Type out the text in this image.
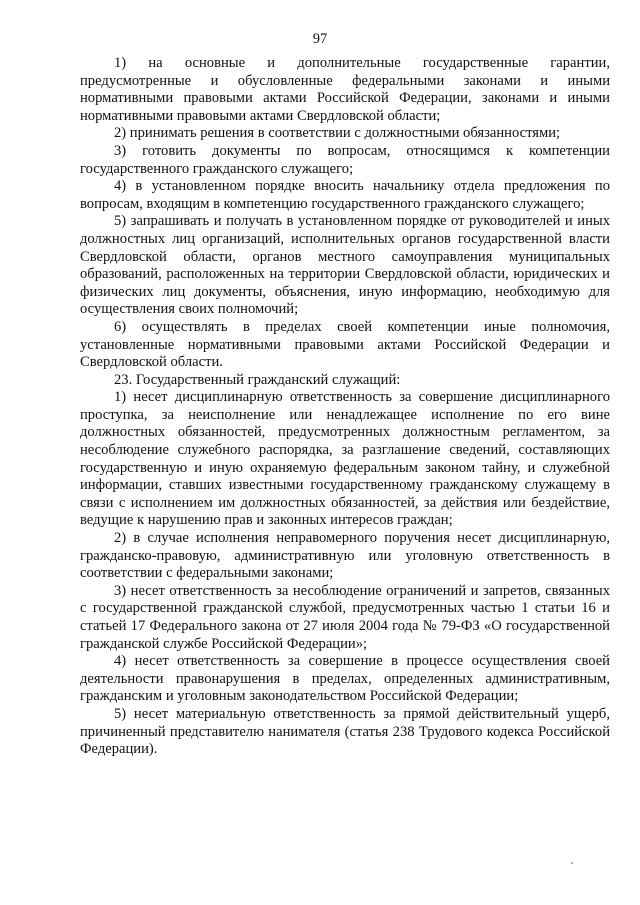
97

1) на основные и дополнительные государственные гарантии, предусмотренные и обусловленные федеральными законами и иными нормативными правовыми актами Российской Федерации, законами и иными нормативными правовыми актами Свердловской области;

2) принимать решения в соответствии с должностными обязанностями;

3) готовить документы по вопросам, относящимся к компетенции государственного гражданского служащего;

4) в установленном порядке вносить начальнику отдела предложения по вопросам, входящим в компетенцию государственного гражданского служащего;

5) запрашивать и получать в установленном порядке от руководителей и иных должностных лиц организаций, исполнительных органов государственной власти Свердловской области, органов местного самоуправления муниципальных образований, расположенных на территории Свердловской области, юридических и физических лиц документы, объяснения, иную информацию, необходимую для осуществления своих полномочий;

6) осуществлять в пределах своей компетенции иные полномочия, установленные нормативными правовыми актами Российской Федерации и Свердловской области.

23. Государственный гражданский служащий:

1) несет дисциплинарную ответственность за совершение дисциплинарного проступка, за неисполнение или ненадлежащее исполнение по его вине должностных обязанностей, предусмотренных должностным регламентом, за несоблюдение служебного распорядка, за разглашение сведений, составляющих государственную и иную охраняемую федеральным законом тайну, и служебной информации, ставших известными государственному гражданскому служащему в связи с исполнением им должностных обязанностей, за действия или бездействие, ведущие к нарушению прав и законных интересов граждан;

2) в случае исполнения неправомерного поручения несет дисциплинарную, гражданско-правовую, административную или уголовную ответственность в соответствии с федеральными законами;

3) несет ответственность за несоблюдение ограничений и запретов, связанных с государственной гражданской службой, предусмотренных частью 1 статьи 16 и статьей 17 Федерального закона от 27 июля 2004 года № 79-ФЗ «О государственной гражданской службе Российской Федерации»;

4) несет ответственность за совершение в процессе осуществления своей деятельности правонарушения в пределах, определенных административным, гражданским и уголовным законодательством Российской Федерации;

5) несет материальную ответственность за прямой действительный ущерб, причиненный представителю нанимателя (статья 238 Трудового кодекса Российской Федерации).
